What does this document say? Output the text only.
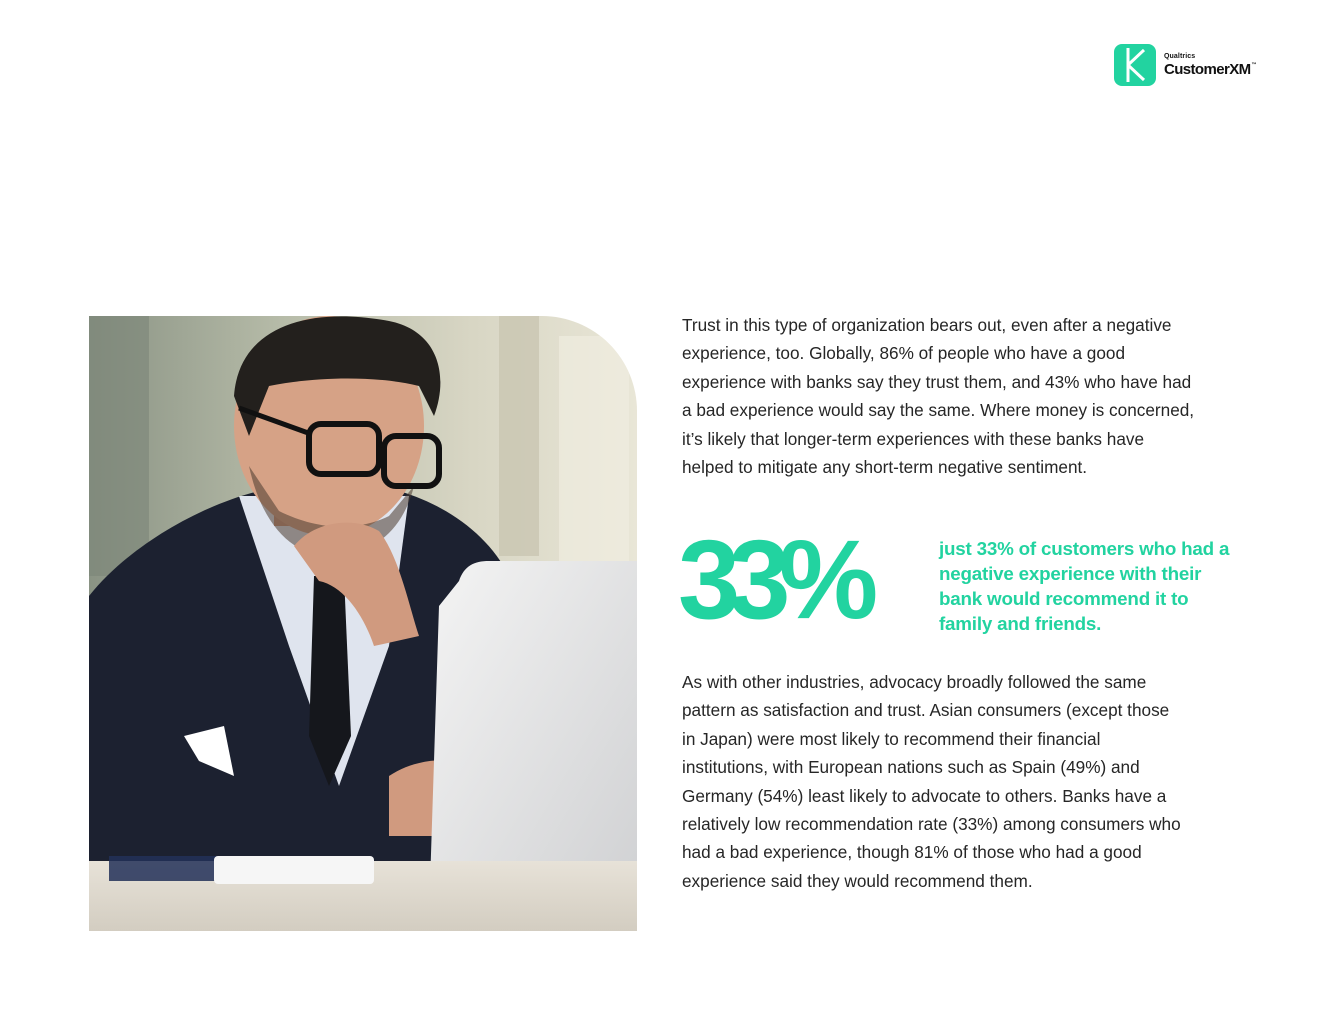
Qualtrics
CustomerXM™

Trust in this type of organization bears out, even after a negative experience, too. Globally, 86% of people who have a good experience with banks say they trust them, and 43% who have had a bad experience would say the same. Where money is concerned, it’s likely that longer-term experiences with these banks have helped to mitigate any short-term negative sentiment.

33%	just 33% of customers who had a negative experience with their bank would recommend it to family and friends.

As with other industries, advocacy broadly followed the same pattern as satisfaction and trust. Asian consumers (except those in Japan) were most likely to recommend their financial institutions, with European nations such as Spain (49%) and Germany (54%) least likely to advocate to others. Banks have a relatively low recommendation rate (33%) among consumers who had a bad experience, though 81% of those who had a good experience said they would recommend them.
